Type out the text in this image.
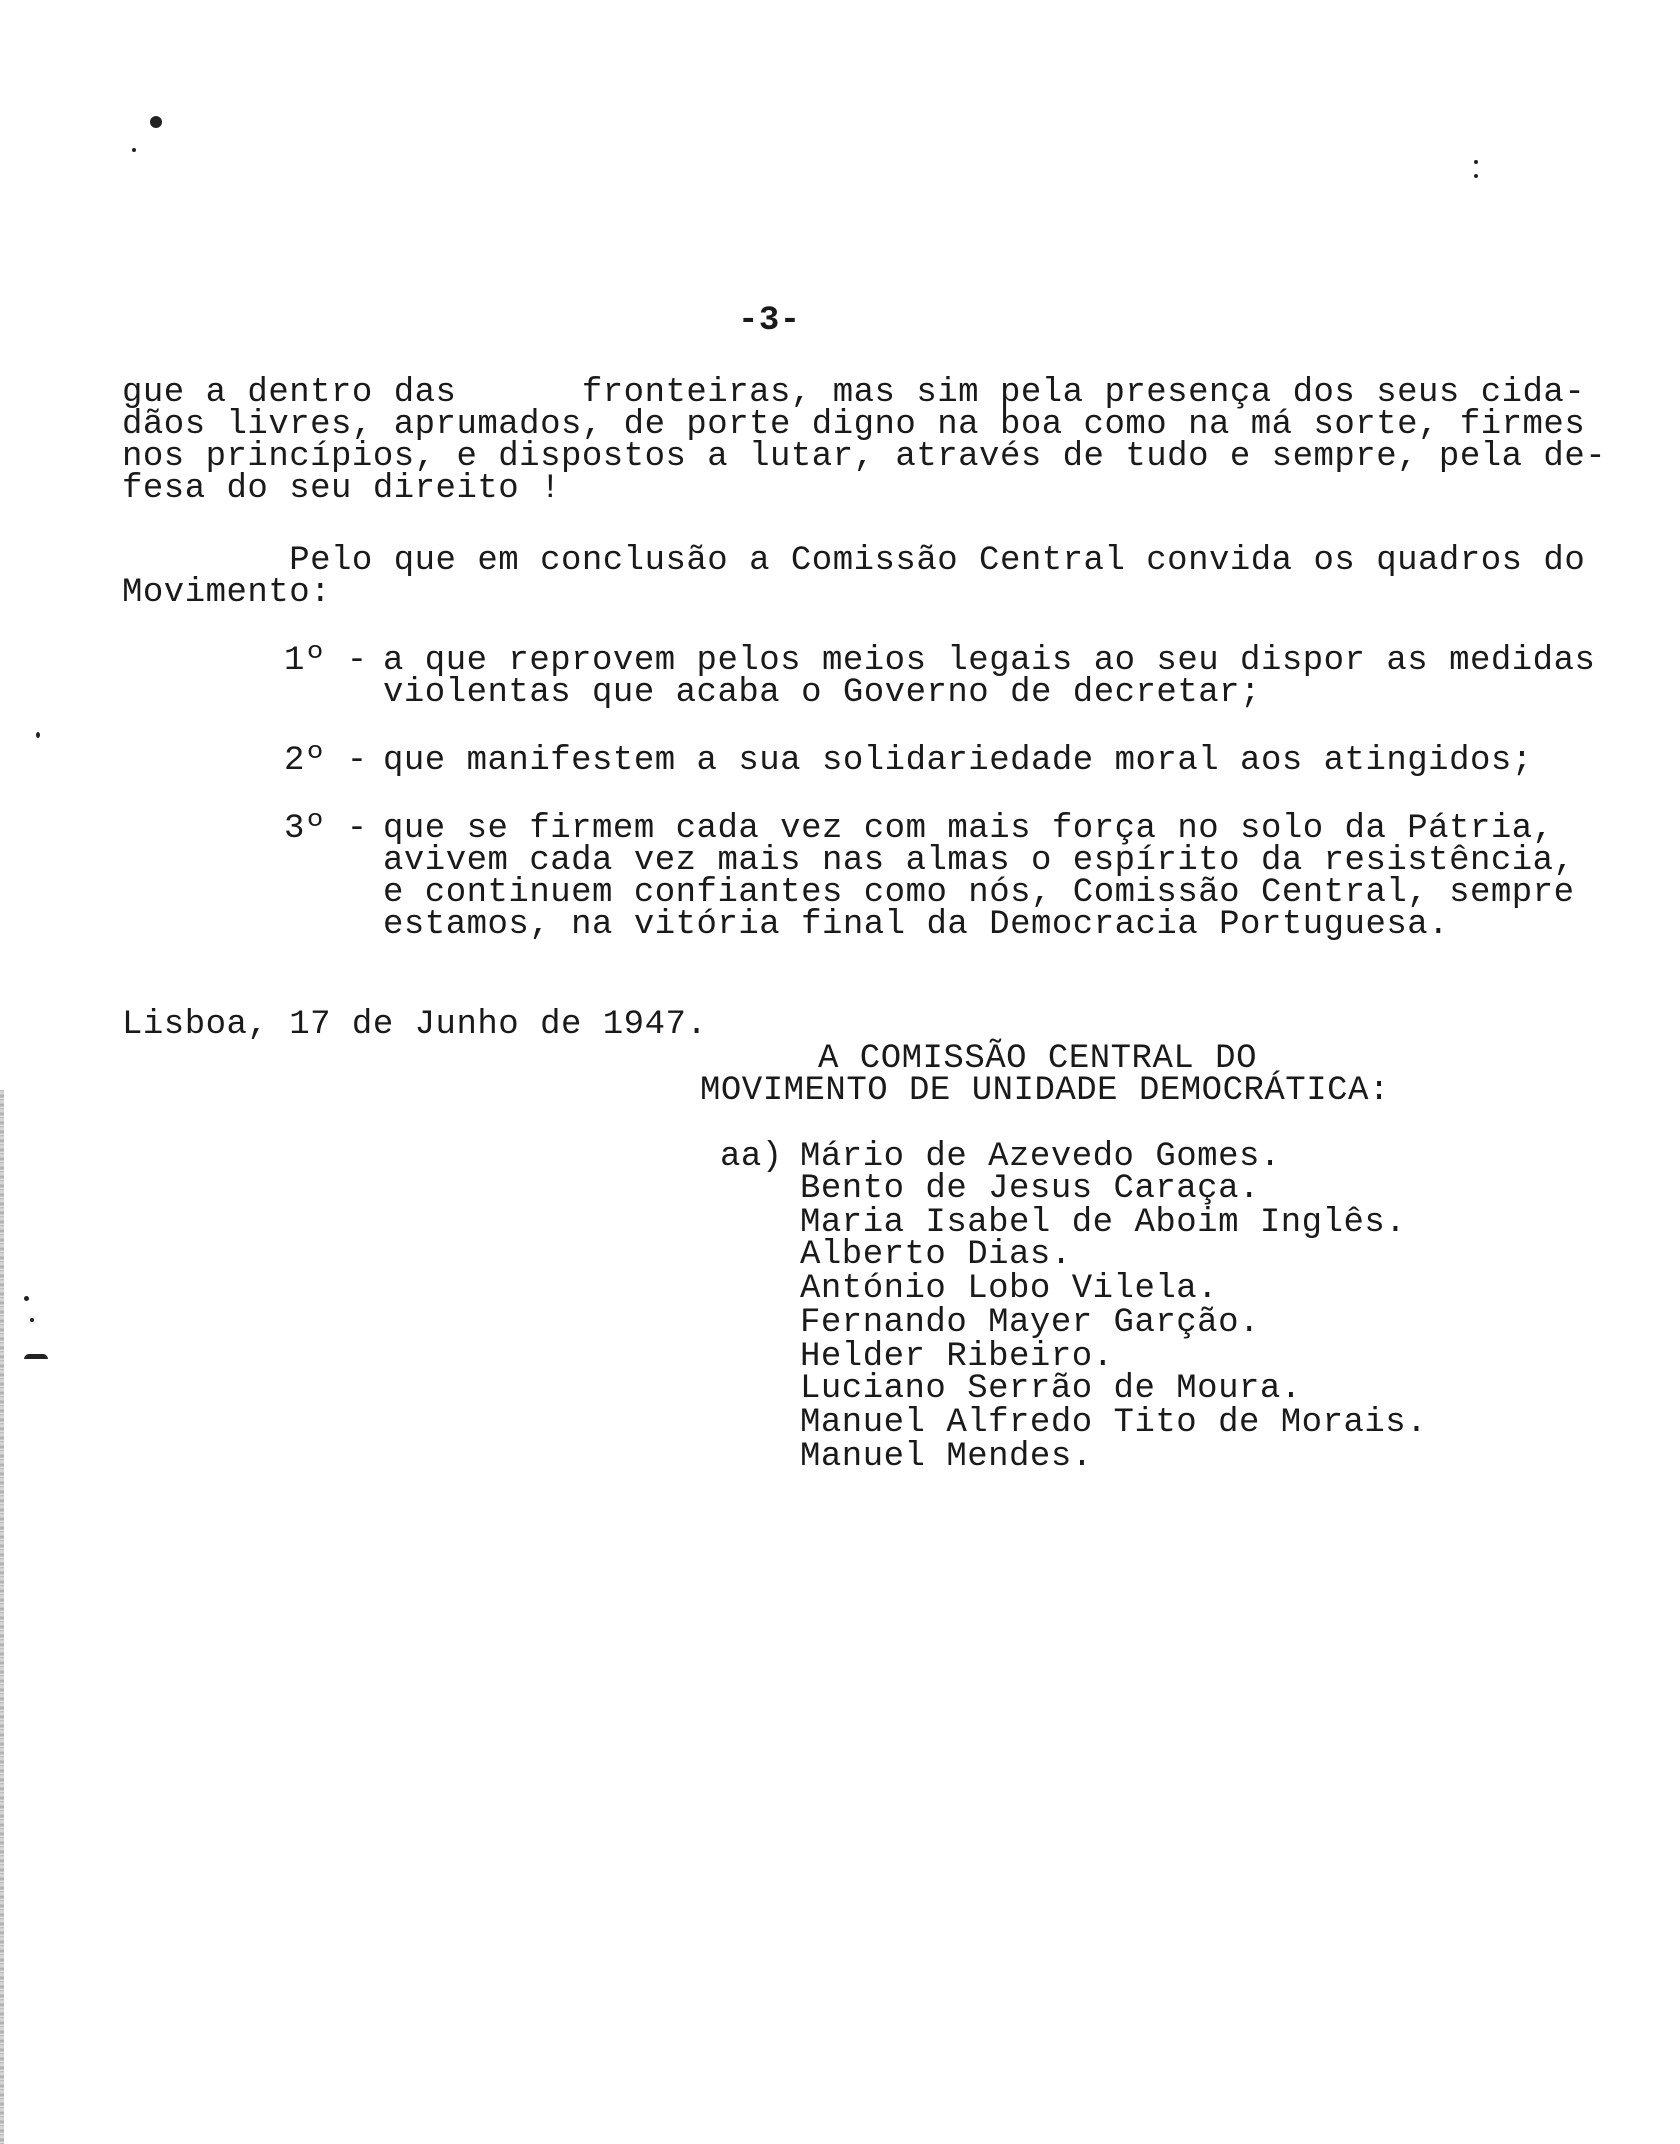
-3-
gue a dentro das      fronteiras, mas sim pela presença dos seus cida-
dãos livres, aprumados, de porte digno na boa como na má sorte, firmes
nos princípios, e dispostos a lutar, através de tudo e sempre, pela de-
fesa do seu direito !
Pelo que em conclusão a Comissão Central convida os quadros do
Movimento:
1º - a que reprovem pelos meios legais ao seu dispor as medidas
violentas que acaba o Governo de decretar;
2º - que manifestem a sua solidariedade moral aos atingidos;
3º - que se firmem cada vez com mais força no solo da Pátria,
avivem cada vez mais nas almas o espírito da resistência,
e continuem confiantes como nós, Comissão Central, sempre
estamos, na vitória final da Democracia Portuguesa.
Lisboa, 17 de Junho de 1947.
A COMISSÃO CENTRAL DO
MOVIMENTO DE UNIDADE DEMOCRÁTICA:
aa) Mário de Azevedo Gomes.
Bento de Jesus Caraça.
Maria Isabel de Aboim Inglês.
Alberto Dias.
António Lobo Vilela.
Fernando Mayer Garção.
Helder Ribeiro.
Luciano Serrão de Moura.
Manuel Alfredo Tito de Morais.
Manuel Mendes.
